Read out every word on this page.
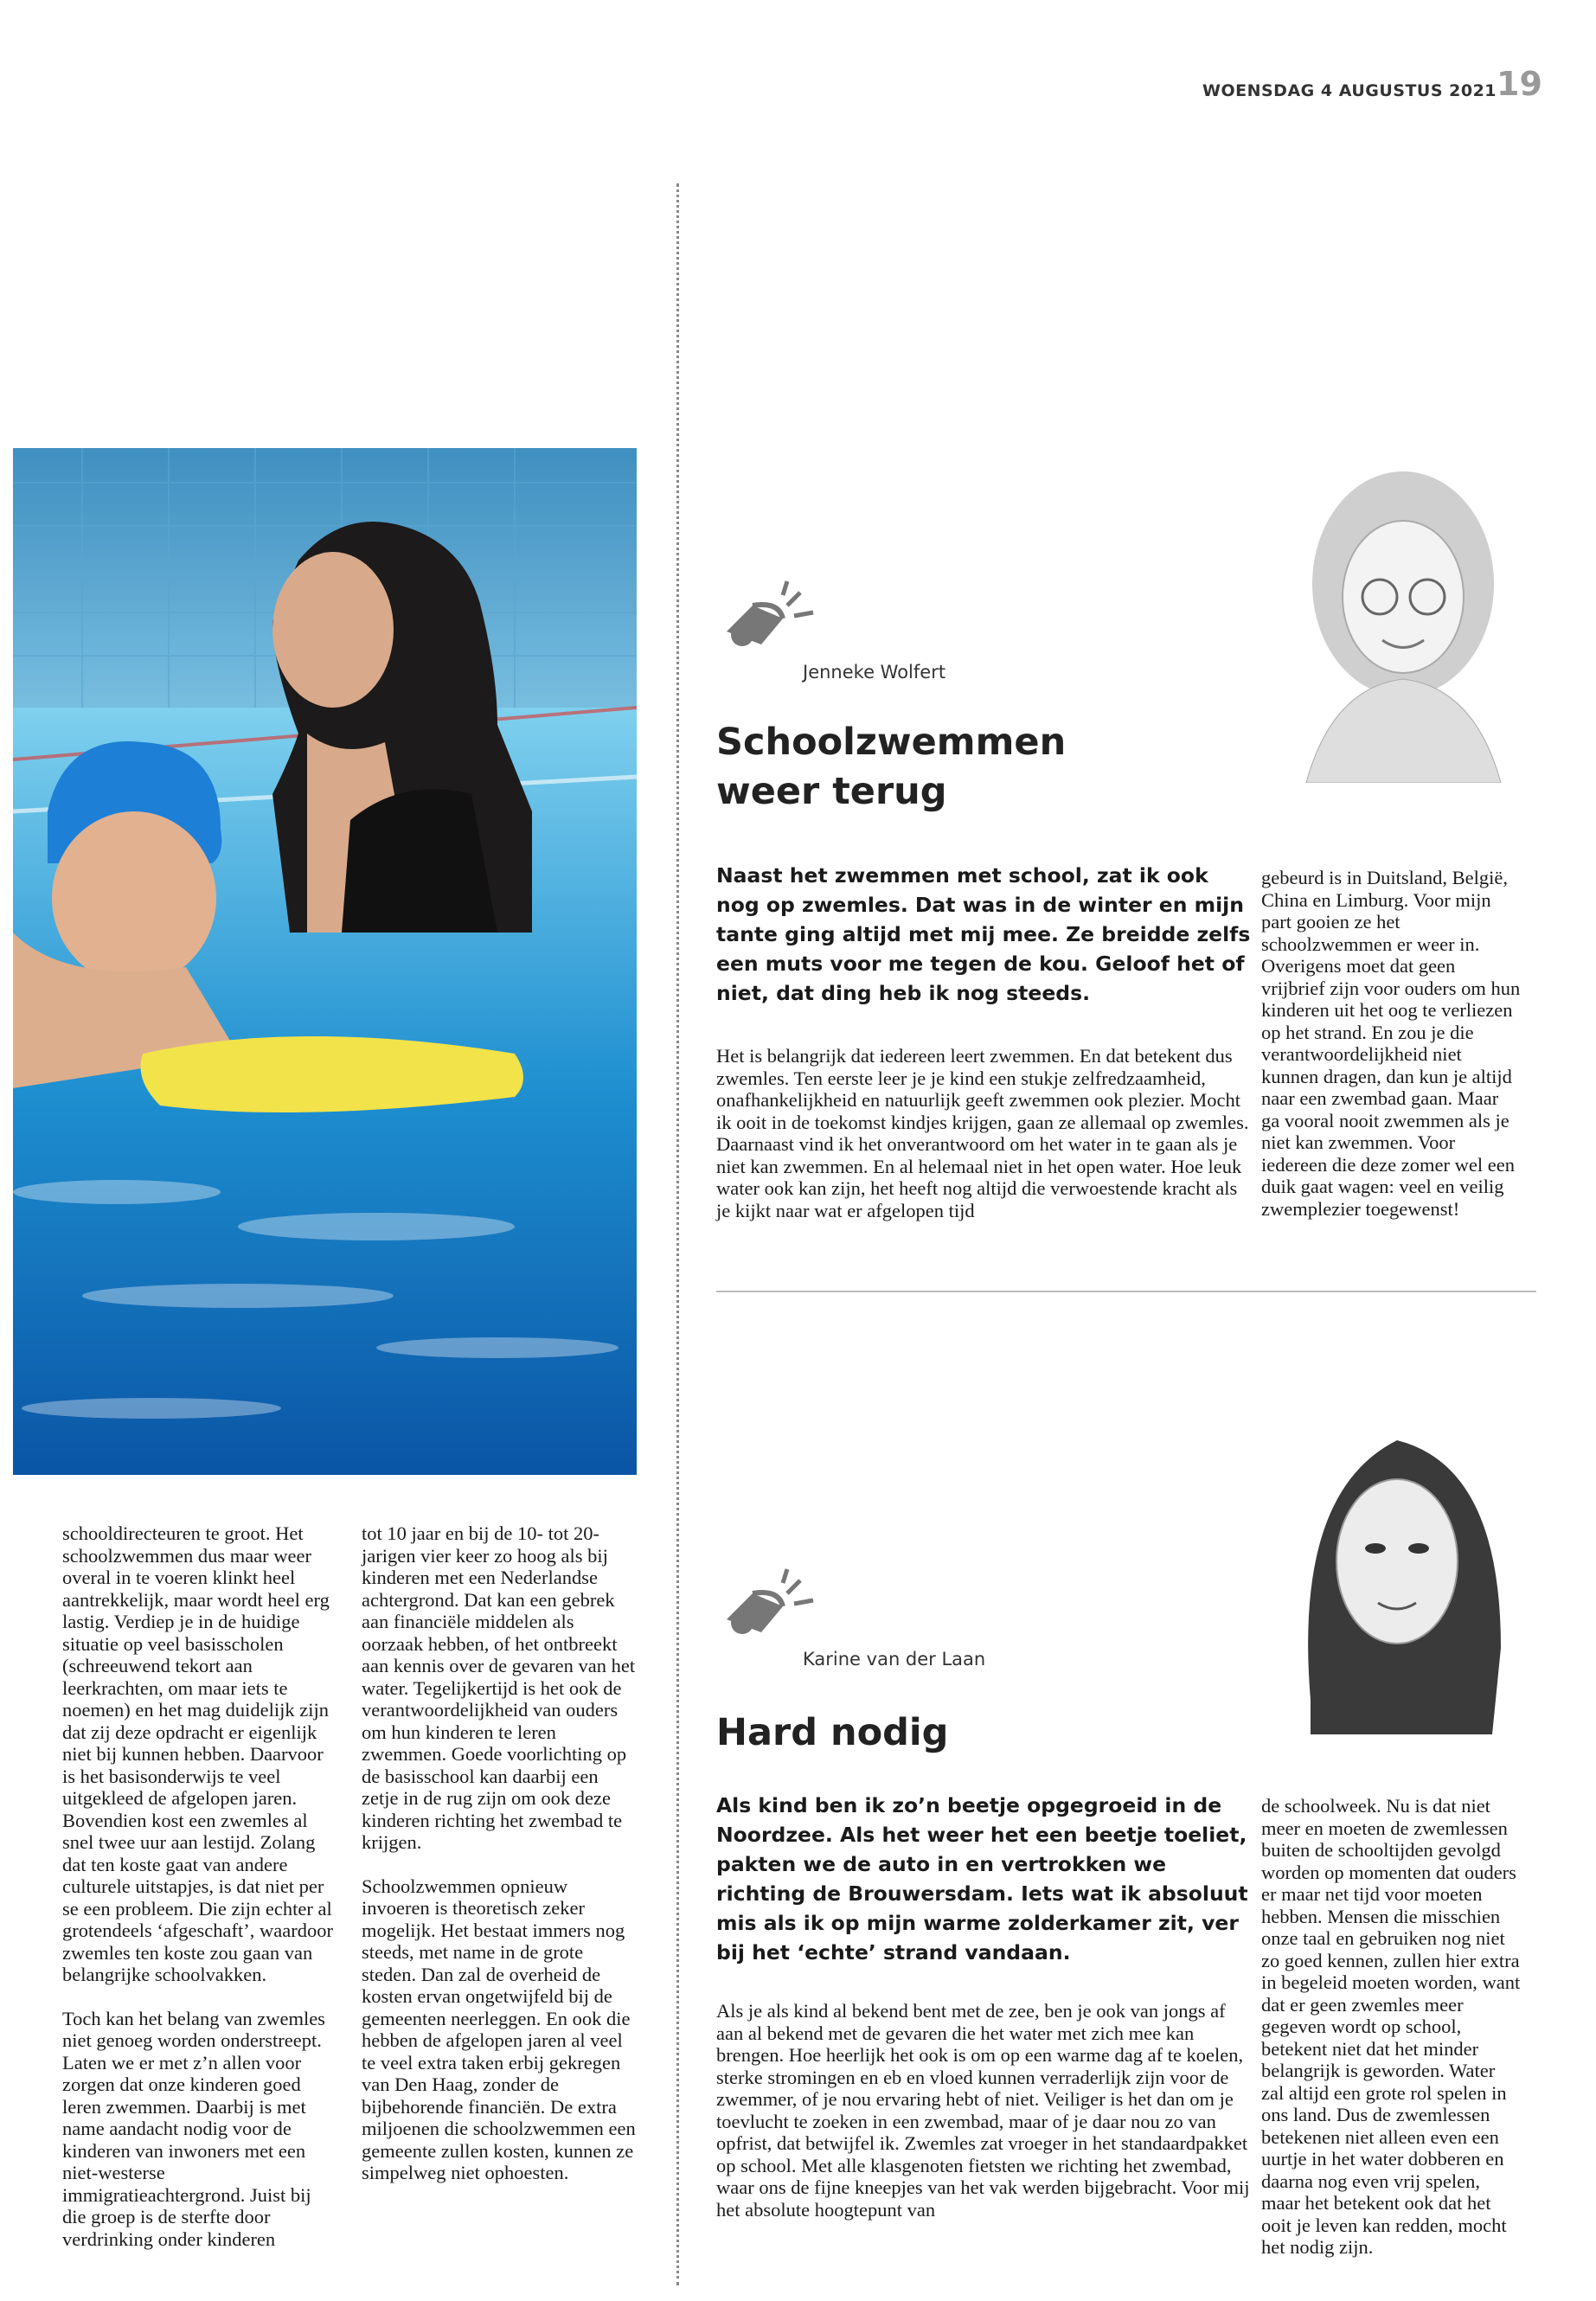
WOENSDAG 4 AUGUSTUS 2021 19

schooldirecteuren te groot. Het schoolzwemmen dus maar weer overal in te voeren klinkt heel aantrekkelijk, maar wordt heel erg lastig. Verdiep je in de huidige situatie op veel basisscholen (schreeuwend tekort aan leerkrachten, om maar iets te noemen) en het mag duidelijk zijn dat zij deze opdracht er eigenlijk niet bij kunnen hebben. Daarvoor is het basisonderwijs te veel uitgekleed de afgelopen jaren. Bovendien kost een zwemles al snel twee uur aan lestijd. Zolang dat ten koste gaat van andere culturele uitstapjes, is dat niet per se een probleem. Die zijn echter al grotendeels ‘afgeschaft’, waardoor zwemles ten koste zou gaan van belangrijke schoolvakken.

Toch kan het belang van zwemles niet genoeg worden onderstreept. Laten we er met z’n allen voor zorgen dat onze kinderen goed leren zwemmen. Daarbij is met name aandacht nodig voor de kinderen van inwoners met een niet-westerse immigratieachtergrond. Juist bij die groep is de sterfte door verdrinking onder kinderen

tot 10 jaar en bij de 10- tot 20-jarigen vier keer zo hoog als bij kinderen met een Nederlandse achtergrond. Dat kan een gebrek aan financiële middelen als oorzaak hebben, of het ontbreekt aan kennis over de gevaren van het water. Tegelijkertijd is het ook de verantwoordelijkheid van ouders om hun kinderen te leren zwemmen. Goede voorlichting op de basisschool kan daarbij een zetje in de rug zijn om ook deze kinderen richting het zwembad te krijgen.

Schoolzwemmen opnieuw invoeren is theoretisch zeker mogelijk. Het bestaat immers nog steeds, met name in de grote steden. Dan zal de overheid de kosten ervan ongetwijfeld bij de gemeenten neerleggen. En ook die hebben de afgelopen jaren al veel te veel extra taken erbij gekregen van Den Haag, zonder de bijbehorende financiën. De extra miljoenen die schoolzwemmen een gemeente zullen kosten, kunnen ze simpelweg niet ophoesten.

Jenneke Wolfert
Schoolzwemmen
weer terug
Naast het zwemmen met school, zat ik ook nog op zwemles. Dat was in de winter en mijn tante ging altijd met mij mee. Ze breidde zelfs een muts voor me tegen de kou. Geloof het of niet, dat ding heb ik nog steeds.
Het is belangrijk dat iedereen leert zwemmen. En dat betekent dus zwemles. Ten eerste leer je je kind een stukje zelfredzaamheid, onafhankelijkheid en natuurlijk geeft zwemmen ook plezier. Mocht ik ooit in de toekomst kindjes krijgen, gaan ze allemaal op zwemles. Daarnaast vind ik het onverantwoord om het water in te gaan als je niet kan zwemmen. En al helemaal niet in het open water. Hoe leuk water ook kan zijn, het heeft nog altijd die verwoestende kracht als je kijkt naar wat er afgelopen tijd
gebeurd is in Duitsland, België, China en Limburg. Voor mijn part gooien ze het schoolzwemmen er weer in. Overigens moet dat geen vrijbrief zijn voor ouders om hun kinderen uit het oog te verliezen op het strand. En zou je die verantwoordelijkheid niet kunnen dragen, dan kun je altijd naar een zwembad gaan. Maar ga vooral nooit zwemmen als je niet kan zwemmen. Voor iedereen die deze zomer wel een duik gaat wagen: veel en veilig zwemplezier toegewenst!
Karine van der Laan
Hard nodig
Als kind ben ik zo’n beetje opgegroeid in de Noordzee. Als het weer het een beetje toeliet, pakten we de auto in en vertrokken we richting de Brouwersdam. Iets wat ik absoluut mis als ik op mijn warme zolderkamer zit, ver bij het ‘echte’ strand vandaan.
Als je als kind al bekend bent met de zee, ben je ook van jongs af aan al bekend met de gevaren die het water met zich mee kan brengen. Hoe heerlijk het ook is om op een warme dag af te koelen, sterke stromingen en eb en vloed kunnen verraderlijk zijn voor de zwemmer, of je nou ervaring hebt of niet. Veiliger is het dan om je toevlucht te zoeken in een zwembad, maar of je daar nou zo van opfrist, dat betwijfel ik. Zwemles zat vroeger in het standaardpakket op school. Met alle klasgenoten fietsten we richting het zwembad, waar ons de fijne kneepjes van het vak werden bijgebracht. Voor mij het absolute hoogtepunt van
de schoolweek. Nu is dat niet meer en moeten de zwemlessen buiten de schooltijden gevolgd worden op momenten dat ouders er maar net tijd voor moeten hebben. Mensen die misschien onze taal en gebruiken nog niet zo goed kennen, zullen hier extra in begeleid moeten worden, want dat er geen zwemles meer gegeven wordt op school, betekent niet dat het minder belangrijk is geworden. Water zal altijd een grote rol spelen in ons land. Dus de zwemlessen betekenen niet alleen even een uurtje in het water dobberen en daarna nog even vrij spelen, maar het betekent ook dat het ooit je leven kan redden, mocht het nodig zijn.
